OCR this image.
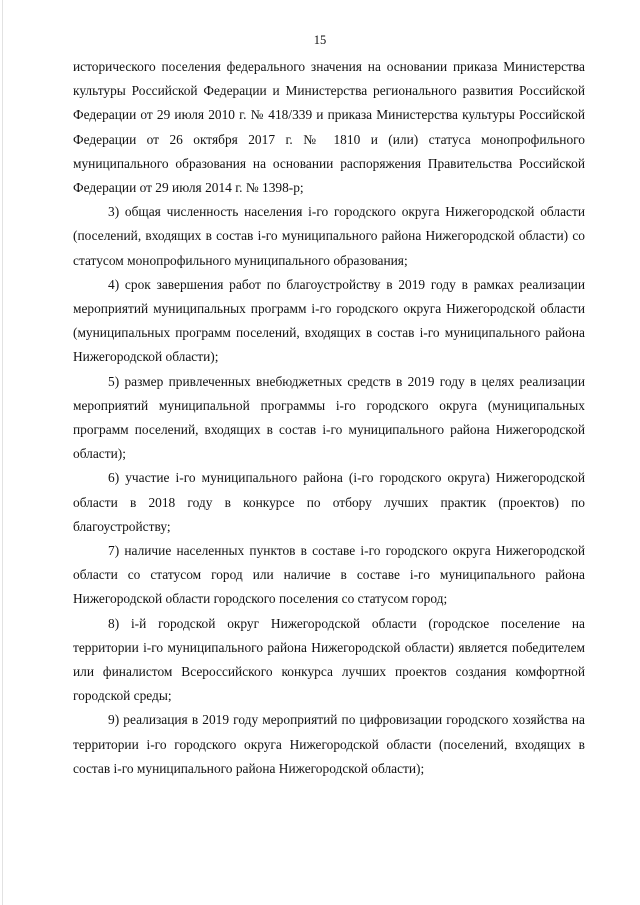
15

исторического поселения федерального значения на основании приказа Министерства культуры Российской Федерации и Министерства регионального развития Российской Федерации от 29 июля 2010 г. № 418/339 и приказа Министерства культуры Российской Федерации от 26 октября 2017 г. № 1810 и (или) статуса монопрофильного муниципального образования на основании распоряжения Правительства Российской Федерации от 29 июля 2014 г. № 1398-р;

3) общая численность населения i-го городского округа Нижегородской области (поселений, входящих в состав i-го муниципального района Нижегородской области) со статусом монопрофильного муниципального образования;

4) срок завершения работ по благоустройству в 2019 году в рамках реализации мероприятий муниципальных программ i-го городского округа Нижегородской области (муниципальных программ поселений, входящих в состав i-го муниципального района Нижегородской области);

5) размер привлеченных внебюджетных средств в 2019 году в целях реализации мероприятий муниципальной программы i-го городского округа (муниципальных программ поселений, входящих в состав i-го муниципального района Нижегородской области);

6) участие i-го муниципального района (i-го городского округа) Нижегородской области в 2018 году в конкурсе по отбору лучших практик (проектов) по благоустройству;

7) наличие населенных пунктов в составе i-го городского округа Нижегородской области со статусом город или наличие в составе i-го муниципального района Нижегородской области городского поселения со статусом город;

8) i-й городской округ Нижегородской области (городское поселение на территории i-го муниципального района Нижегородской области) является победителем или финалистом Всероссийского конкурса лучших проектов создания комфортной городской среды;

9) реализация в 2019 году мероприятий по цифровизации городского хозяйства на территории i-го городского округа Нижегородской области (поселений, входящих в состав i-го муниципального района Нижегородской области);
